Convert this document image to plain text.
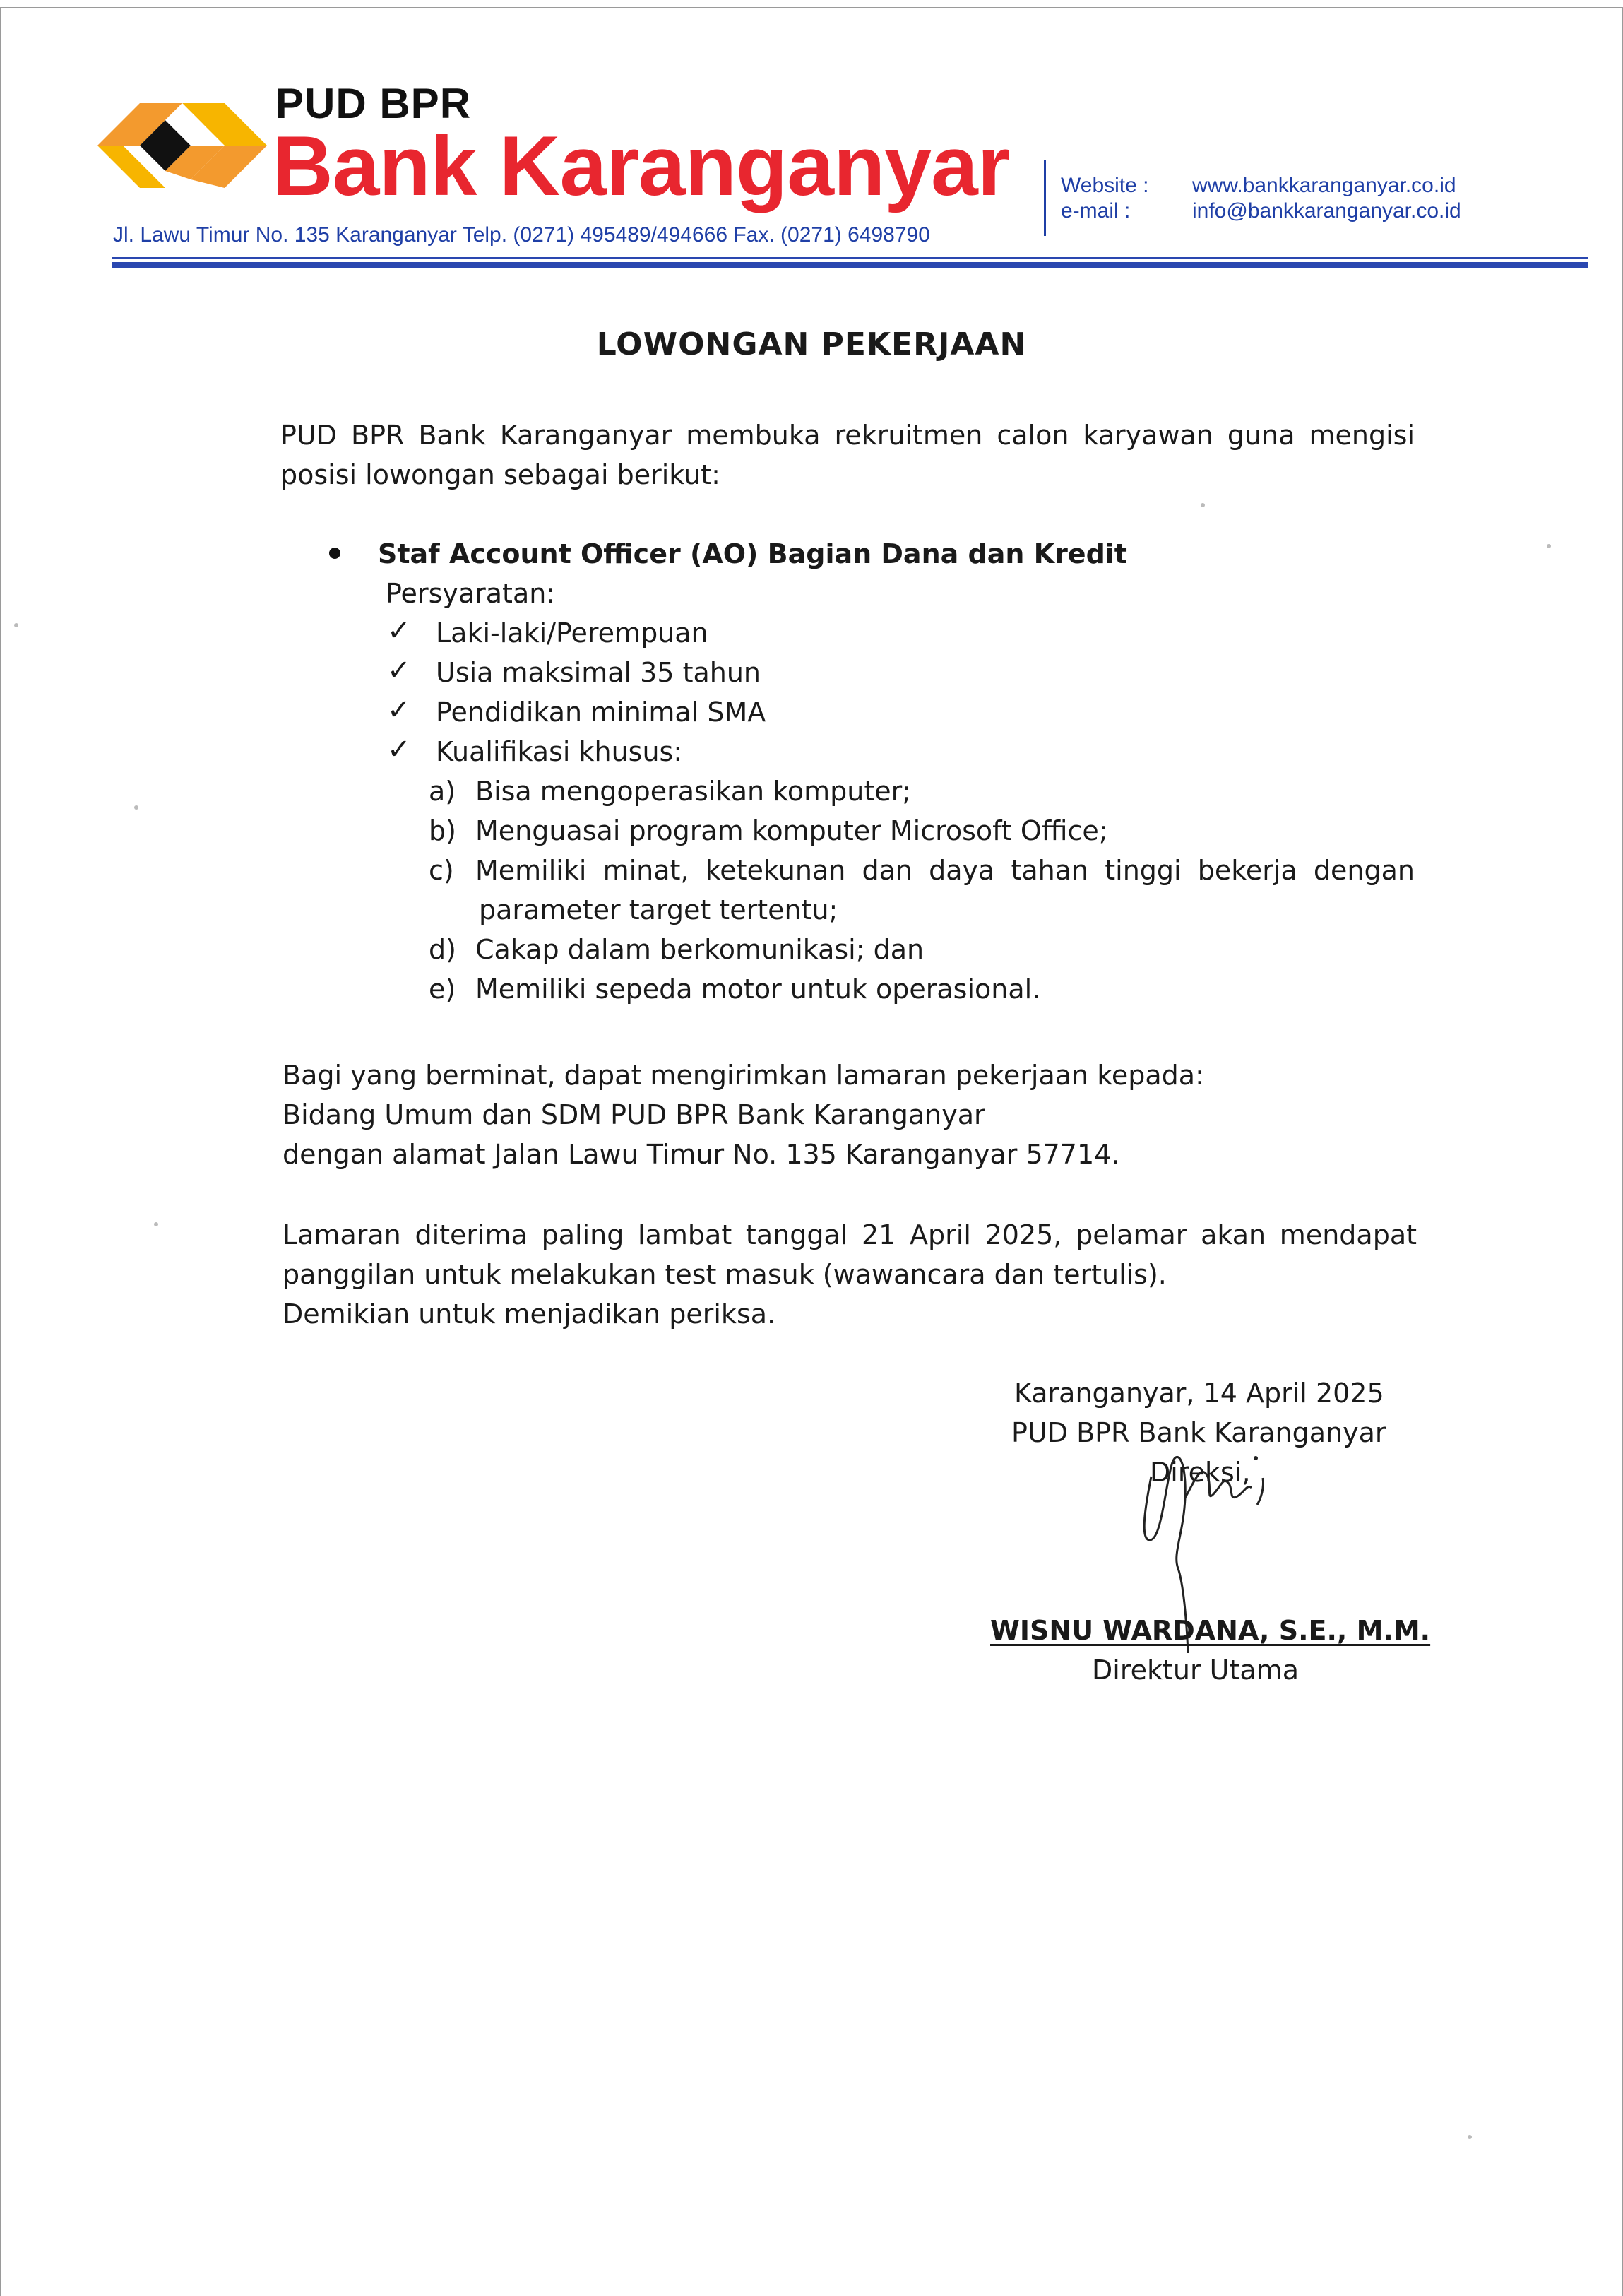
PUD BPR
Bank Karanganyar
Jl. Lawu Timur No. 135 Karanganyar Telp. (0271) 495489/494666 Fax. (0271) 6498790
Website :
e-mail :
www.bankkaranganyar.co.id
info@bankkaranganyar.co.id
LOWONGAN PEKERJAAN
PUD BPR Bank Karanganyar membuka rekruitmen calon karyawan guna mengisi
posisi lowongan sebagai berikut:
Staf Account Officer (AO) Bagian Dana dan Kredit
Persyaratan:
✓ Laki-laki/Perempuan
✓ Usia maksimal 35 tahun
✓ Pendidikan minimal SMA
✓ Kualifikasi khusus:
a) Bisa mengoperasikan komputer;
b) Menguasai program komputer Microsoft Office;
c) Memiliki minat, ketekunan dan daya tahan tinggi bekerja dengan
parameter target tertentu;
d) Cakap dalam berkomunikasi; dan
e) Memiliki sepeda motor untuk operasional.
Bagi yang berminat, dapat mengirimkan lamaran pekerjaan kepada:
Bidang Umum dan SDM PUD BPR Bank Karanganyar
dengan alamat Jalan Lawu Timur No. 135 Karanganyar 57714.
Lamaran diterima paling lambat tanggal 21 April 2025, pelamar akan mendapat
panggilan untuk melakukan test masuk (wawancara dan tertulis).
Demikian untuk menjadikan periksa.
Karanganyar, 14 April 2025
PUD BPR Bank Karanganyar
Direksi,
WISNU WARDANA, S.E., M.M.
Direktur Utama
